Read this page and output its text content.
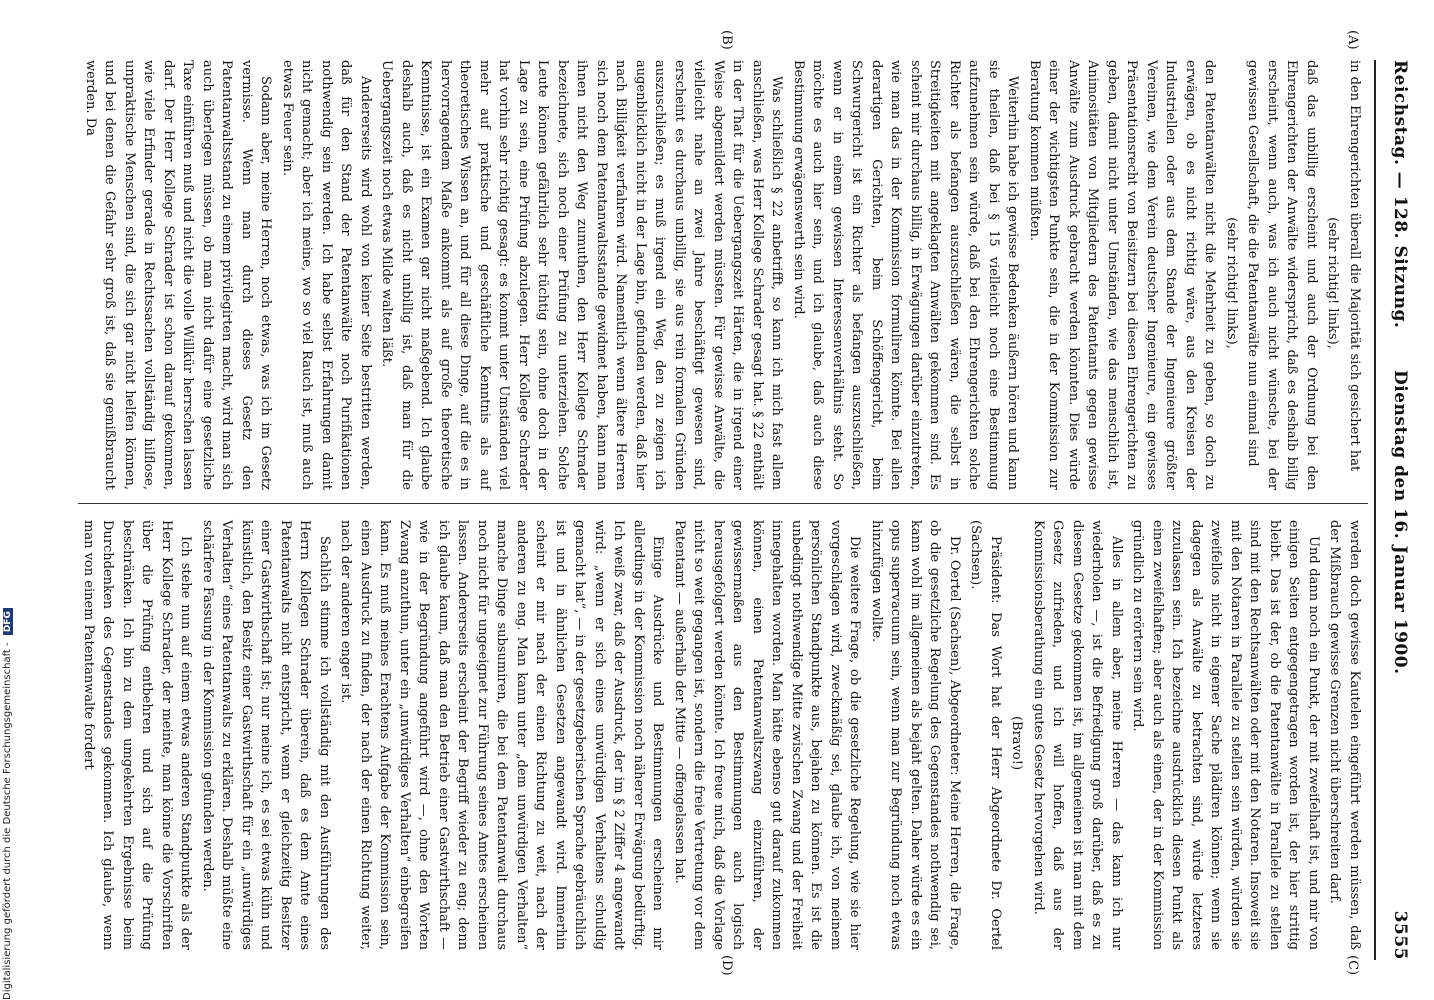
Reichstag. — 128. Sitzung.
Dienstag den 16. Januar 1900.
3555
(A)
(B)
(C)
(D)

in den Ehrengerichten überall die Majorität sich gesichert hat

(sehr richtig! links),

daß das unbillig erscheint und auch der Ordnung bei den Ehrengerichten der Anwälte widerspricht, daß es deshalb billig erscheint, wenn auch, was ich auch nicht wünsche, bei der gewissen Gesellschaft, die die Patentanwälte nun einmal sind

(sehr richtig! links),

den Patentanwälten nicht die Mehrheit zu geben, so doch zu erwägen, ob es nicht richtig wäre, aus den Kreisen der Industriellen oder aus dem Stande der Ingenieure größter Vereinen, wie dem Verein deutscher Ingenieure, ein gewisses Präsentationsrecht von Beisitzern bei diesen Ehrengerichten zu geben, damit nicht unter Umständen, wie das menschlich ist, Animositäten von Mitgliedern des Patentamts gegen gewisse Anwälte zum Ausdruck gebracht werden könnten. Dies würde einer der wichtigsten Punkte sein, die in der Kommission zur Beratung kommen müßten.

Weiterhin habe ich gewisse Bedenken äußern hören und kann sie theilen, daß bei § 15 vielleicht noch eine Bestimmung aufzunehmen sein würde, daß bei den Ehrengerichten solche Richter als befangen auszuschließen wären, die selbst in Streitigkeiten mit angeklagten Anwälten gekommen sind. Es scheint mir durchaus billig, in Erwägungen darüber einzutreten, wie man das in der Kommission formuliren könnte. Bei allen derartigen Gerichten, beim Schöffengericht, beim Schwurgericht ist ein Richter als befangen auszuschließen, wenn er in einem gewissen Interessenverhältnis steht. So möchte es auch hier sein, und ich glaube, daß auch diese Bestimmung erwägenswerth sein wird.

Was schließlich § 22 anbetrifft, so kann ich mich fast allem anschließen, was Herr Kollege Schrader gesagt hat. § 22 enthält in der That für die Uebergangszeit Härten, die in irgend einer Weise abgemildert werden müssten. Für gewisse Anwälte, die vielleicht nahe an zwei Jahre beschäftigt gewesen sind, erscheint es durchaus unbillig, sie aus rein formalen Gründen auszuschließen; es muß irgend ein Weg, den zu zeigen ich augenblicklich nicht in der Lage bin, gefunden werden, daß hier nach Billigkeit verfahren wird. Namentlich wenn ältere Herren sich noch dem Patentanwaltsstande gewidmet haben, kann man ihnen nicht den Weg zumuthen, den Herr Kollege Schrader bezeichnete, sich noch einer Prüfung zu unterziehen. Solche Leute können gefährlich sehr tüchtig sein, ohne doch in der Lage zu sein, eine Prüfung abzulegen. Herr Kollege Schrader hat vorhin sehr richtig gesagt: es kommt unter Umständen viel mehr auf praktische und geschäftliche Kenntnis als auf theoretisches Wissen an, und für all diese Dinge, auf die es in hervorragendem Maße ankommt als auf große theoretische Kenntnisse, ist ein Examen gar nicht maßgebend. Ich glaube deshalb auch, daß es nicht unbillig ist, daß man für die Uebergangszeit noch etwas Milde walten läßt.

Andererseits wird wohl von keiner Seite bestritten werden, daß für den Stand der Patentanwälte noch Purifikationen nothwendig sein werden. Ich habe selbst Erfahrungen damit nicht gemacht; aber ich meine, wo so viel Rauch ist, muß auch etwas Feuer sein.

Sodann aber, meine Herren, noch etwas, was ich im Gesetz vermisse. Wenn man durch dieses Gesetz den Patentanwaltsstand zu einem privilegirten macht, wird man sich auch überlegen müssen, ob man nicht dafür eine gesetzliche Taxe einführen muß und nicht die volle Willkür herrschen lassen darf. Der Herr Kollege Schrader ist schon darauf gekommen, wie viele Erfinder gerade in Rechtssachen vollständig hilflose, unpraktische Menschen sind, die sich gar nicht helfen können, und bei denen die Gefahr sehr groß ist, daß sie gemißbraucht werden. Da

werden doch gewisse Kautelen eingeführt werden müssen, daß der Mißbrauch gewisse Grenzen nicht überschreiten darf.

Und dann noch ein Punkt, der mit zweifelhaft ist, und mir von einigen Seiten entgegengetragen worden ist, der hier strittig bleibt. Das ist der, ob die Patentanwälte in Parallele zu stellen sind mit den Rechtsanwälten oder mit den Notaren. Insoweit sie mit den Notaren in Parallele zu stellen sein würden, würden sie zweifellos nicht in eigener Sache plädiren können; wenn sie dagegen als Anwälte zu betrachten sind, würde letzteres zuzulassen sein. Ich bezeichne ausdrücklich diesen Punkt als einen zweifelhaften; aber auch als einen, der in der Kommission gründlich zu erörtern sein wird.

Alles in allem aber, meine Herren — das kann ich nur wiederholen —, ist die Befriedigung groß darüber, daß es zu diesem Gesetze gekommen ist, im allgemeinen ist man mit dem Gesetz zufrieden, und ich will hoffen, daß aus der Kommissionsberathung ein gutes Gesetz hervorgehen wird.

(Bravo!)

Präsident: Das Wort hat der Herr Abgeordnete Dr. Oertel (Sachsen).

Dr. Oertel (Sachsen), Abgeordneter: Meine Herren, die Frage, ob die gesetzliche Regelung des Gegenstandes nothwendig sei, kann wohl im allgemeinen als bejaht gelten. Daher würde es ein opus supervacuum sein, wenn man zur Begründung noch etwas hinzufügen wollte.

Die weitere Frage, ob die gesetzliche Regelung, wie sie hier vorgeschlagen wird, zweckmäßig sei, glaube ich, von meinem persönlichen Standpunkte aus, bejahen zu können. Es ist die unbedingt nothwendige Mitte zwischen Zwang und der Freiheit innegehalten worden. Man hätte ebenso gut darauf zukommen können, einen Patentanwaltszwang einzuführen, der gewissermaßen aus den Bestimmungen auch logisch herausgefolgert werden könnte. Ich freue mich, daß die Vorlage nicht so weit gegangen ist, sondern die freie Vertretung vor dem Patentamt — außerhalb der Mitte — offengelassen hat.

Einige Ausdrücke und Bestimmungen erscheinen mir allerdings in der Kommission noch näherer Erwägung bedürftig. Ich weiß zwar, daß der Ausdruck, der im § 2 Ziffer 4 angewandt wird: „wenn er sich eines unwürdigen Verhaltens schuldig gemacht hat“, — in der gesetzgeberischen Sprache gebräuchlich ist und in ähnlichen Gesetzen angewandt wird. Immerhin scheint er mir nach der einen Richtung zu weit, nach der anderen zu eng. Man kann unter „dem unwürdigen Verhalten“ manche Dinge subsumiren, die bei dem Patentanwalt durchaus noch nicht für ungeeignet zur Führung seines Amtes erscheinen lassen. Andererseits erscheint der Begriff wieder zu eng; denn ich glaube kaum, daß man den Betrieb einer Gastwirthschaft — wie in der Begründung angeführt wird —, ohne den Worten Zwang anzuthun, unter ein „unwürdiges Verhalten“ einbegreifen kann. Es muß meines Erachtens Aufgabe der Kommission sein, einen Ausdruck zu finden, der nach der einen Richtung weiter, nach der anderen enger ist.

Sachlich stimme ich vollständig mit den Ausführungen des Herrn Kollegen Schrader überein, daß es dem Amte eines Patentanwalts nicht entspricht, wenn er gleichzeitig Besitzer einer Gastwirthschaft ist; nur meine ich, es sei etwas kühn und künstlich, den Besitz einer Gastwirthschaft für ein „unwürdiges Verhalten“ eines Patentanwalts zu erklären. Deshalb müßte eine schärfere Fassung in der Kommission gefunden werden.

Ich stehe nun auf einem etwas anderen Standpunkte als der Herr Kollege Schrader, der meinte, man könne die Vorschriften über die Prüfung entbehren und sich auf die Prüfung beschränken. Ich bin zu dem umgekehrten Ergebnisse beim Durchdenken des Gegenstandes gekommen. Ich glaube, wenn man von einem Patentanwalte fordert

Digitalisierung gefördert durch die Deutsche Forschungsgemeinschaft - DFG
